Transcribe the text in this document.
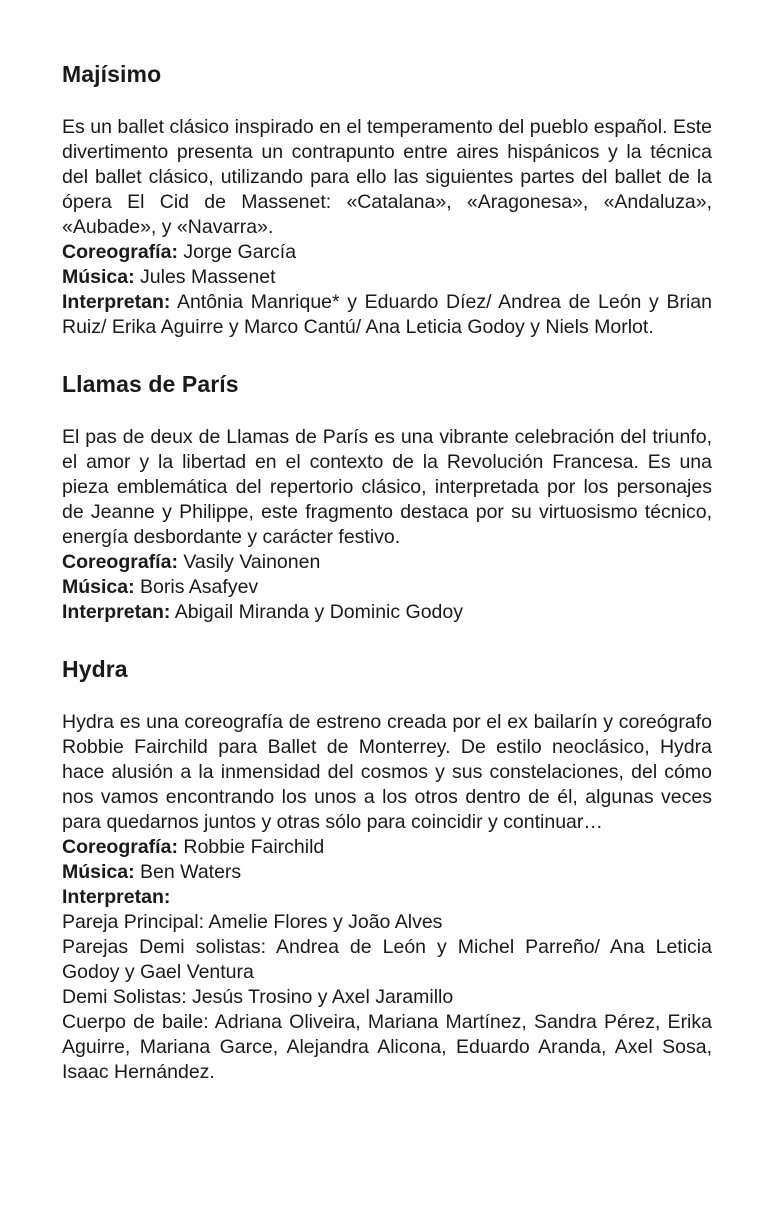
Majísimo

Es un ballet clásico inspirado en el temperamento del pueblo español. Este divertimento presenta un contrapunto entre aires hispánicos y la técnica del ballet clásico, utilizando para ello las siguientes partes del ballet de la ópera El Cid de Massenet: «Catalana», «Aragonesa», «Andaluza», «Aubade», y «Navarra».

Coreografía: Jorge García

Música: Jules Massenet

Interpretan: Antônia Manrique* y Eduardo Díez/ Andrea de León y Brian Ruiz/ Erika Aguirre y Marco Cantú/ Ana Leticia Godoy y Niels Morlot.

Llamas de París

El pas de deux de Llamas de París es una vibrante celebración del triunfo, el amor y la libertad en el contexto de la Revolución Francesa. Es una pieza emblemática del repertorio clásico, interpretada por los personajes de Jeanne y Philippe, este fragmento destaca por su virtuosismo técnico, energía desbordante y carácter festivo.

Coreografía: Vasily Vainonen

Música: Boris Asafyev

Interpretan: Abigail Miranda y Dominic Godoy

Hydra

Hydra es una coreografía de estreno creada por el ex bailarín y coreógrafo Robbie Fairchild para Ballet de Monterrey. De estilo neoclásico, Hydra hace alusión a la inmensidad del cosmos y sus constelaciones, del cómo nos vamos encontrando los unos a los otros dentro de él, algunas veces para quedarnos juntos y otras sólo para coincidir y continuar…

Coreografía: Robbie Fairchild

Música: Ben Waters

Interpretan:

Pareja Principal: Amelie Flores y João Alves

Parejas Demi solistas: Andrea de León y Michel Parreño/ Ana Leticia Godoy y Gael Ventura

Demi Solistas: Jesús Trosino y Axel Jaramillo

Cuerpo de baile: Adriana Oliveira, Mariana Martínez, Sandra Pérez, Erika Aguirre, Mariana Garce, Alejandra Alicona, Eduardo Aranda, Axel Sosa, Isaac Hernández.
